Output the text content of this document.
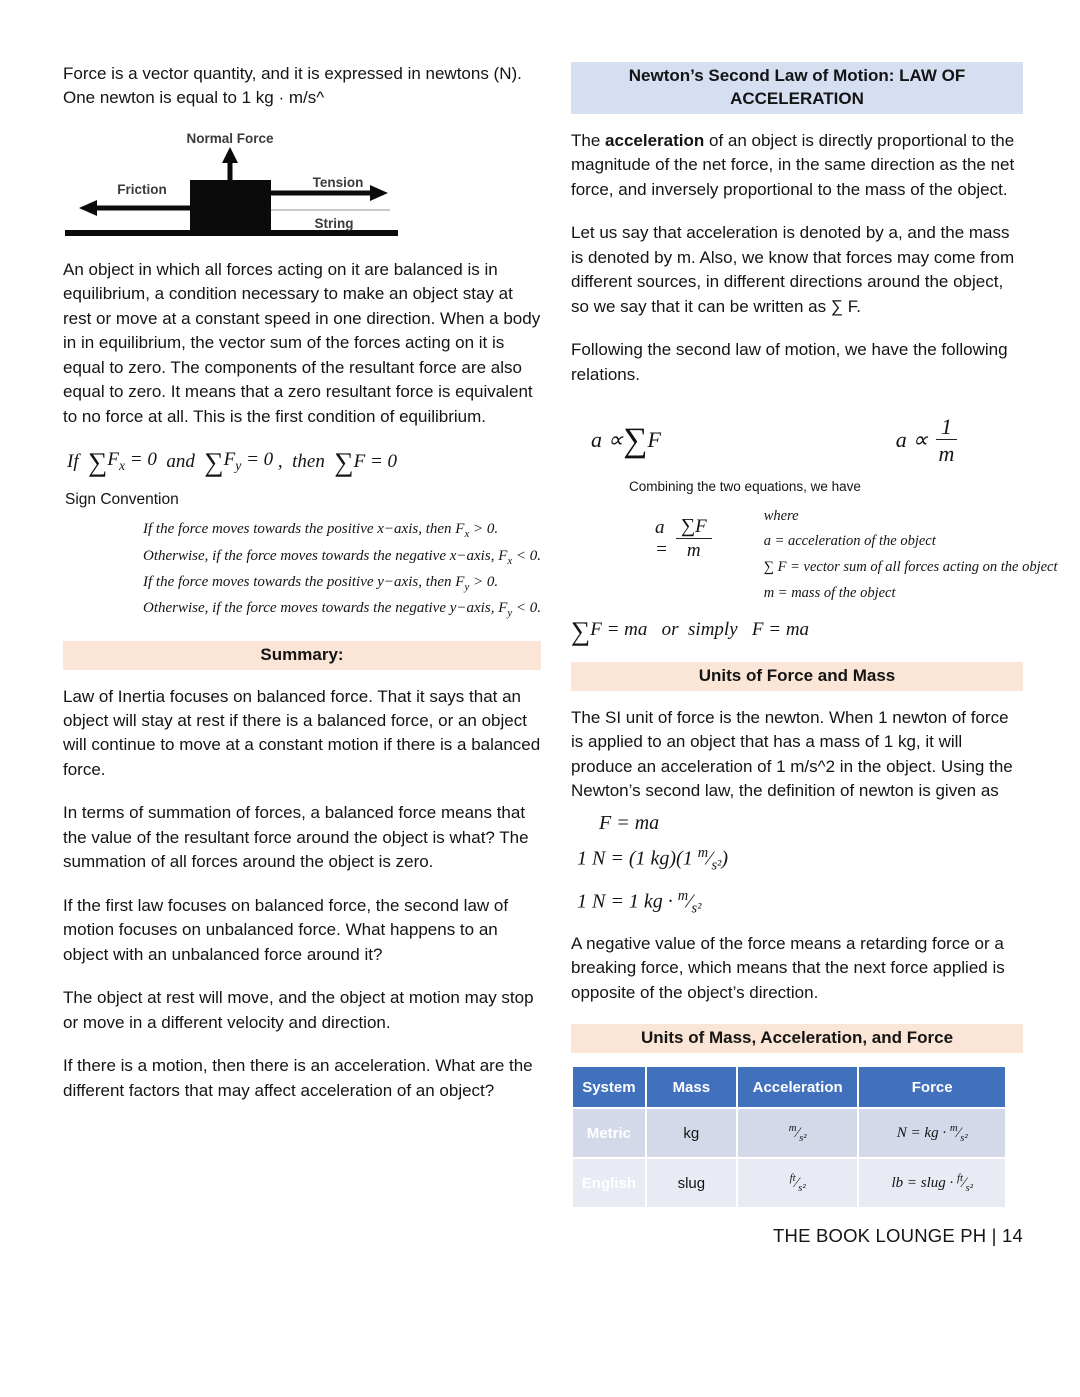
Force is a vector quantity, and it is expressed in newtons (N). One newton is equal to 1 kg · m/s^

Normal Force
Friction	Tension
String

An object in which all forces acting on it are balanced is in equilibrium, a condition necessary to make an object stay at rest or move at a constant speed in one direction. When a body in in equilibrium, the vector sum of the forces acting on it is equal to zero. The components of the resultant force are also equal to zero. It means that a zero resultant force is equivalent to no force at all. This is the first condition of equilibrium.

If ∑ $F_x = 0$ and ∑ $F_y = 0$ ,  then ∑ F = 0
Sign Convention
If the force moves towards the positive x−axis, then $F_x > 0$.
Otherwise, if the force moves towards the negative x−axis, $F_x < 0$.
If the force moves towards the positive y−axis, then $F_y > 0$.
Otherwise, if the force moves towards the negative y−axis, $F_y < 0$.
Summary:

Law of Inertia focuses on balanced force. That it says that an object will stay at rest if there is a balanced force, or an object will continue to move at a constant motion if there is a balanced force.

In terms of summation of forces, a balanced force means that the value of the resultant force around the object is what? The summation of all forces around the object is zero.

If the first law focuses on balanced force, the second law of motion focuses on unbalanced force. What happens to an object with an unbalanced force around it?

The object at rest will move, and the object at motion may stop or move in a different velocity and direction.

If there is a motion, then there is an acceleration. What are the different factors that may affect acceleration of an object?

Newton’s Second Law of Motion: LAW OF ACCELERATION

The acceleration of an object is directly proportional to the magnitude of the net force, in the same direction as the net force, and inversely proportional to the mass of the object.

Let us say that acceleration is denoted by a, and the mass is denoted by m. Also, we know that forces may come from different sources, in different directions around the object, so we say that it can be written as ∑ F.

Following the second law of motion, we have the following relations.

a ∝ ∑ F	$a \propto \frac{1}{m}$
Combining the two equations, we have
$a = \frac{\sum F}{m}$	where
a = acceleration of the object
∑ F = vector sum of all forces acting on the object
m = mass of the object
∑ F = ma   or  simply   F = ma
Units of Force and Mass

The SI unit of force is the newton. When 1 newton of force is applied to an object that has a mass of 1 kg, it will produce an acceleration of 1 m/s^2 in the object. Using the Newton’s second law, the definition of newton is given as

F = ma
1 N = (1 kg)(1 $^m⁄_{s^2}$)
1 N = 1 kg · $^m⁄_{s^2}$

A negative value of the force means a retarding force or a breaking force, which means that the next force applied is opposite of the object’s direction.

Units of Mass, Acceleration, and Force
System	Mass	Acceleration	Force
Metric	kg	$^m⁄_{s^2}$	N = kg · $^m⁄_{s^2}$
English	slug	$^{ft}⁄_{s^2}$	lb = slug · $^{ft}⁄_{s^2}$
THE BOOK LOUNGE PH | 14
